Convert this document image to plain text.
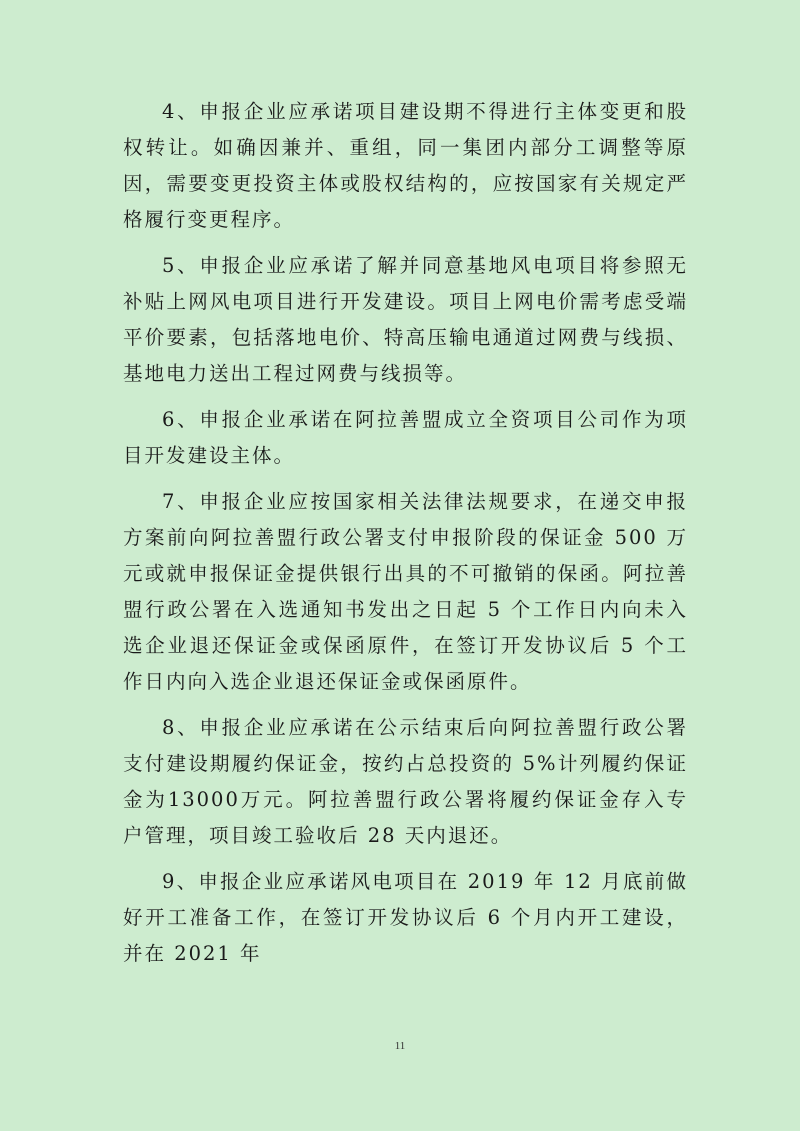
4、申报企业应承诺项目建设期不得进行主体变更和股权转让。如确因兼并、重组，同一集团内部分工调整等原因，需要变更投资主体或股权结构的，应按国家有关规定严格履行变更程序。

5、申报企业应承诺了解并同意基地风电项目将参照无补贴上网风电项目进行开发建设。项目上网电价需考虑受端平价要素，包括落地电价、特高压输电通道过网费与线损、基地电力送出工程过网费与线损等。

6、申报企业承诺在阿拉善盟成立全资项目公司作为项目开发建设主体。

7、申报企业应按国家相关法律法规要求，在递交申报方案前向阿拉善盟行政公署支付申报阶段的保证金 500 万元或就申报保证金提供银行出具的不可撤销的保函。阿拉善盟行政公署在入选通知书发出之日起 5 个工作日内向未入选企业退还保证金或保函原件，在签订开发协议后 5 个工作日内向入选企业退还保证金或保函原件。

8、申报企业应承诺在公示结束后向阿拉善盟行政公署支付建设期履约保证金，按约占总投资的 5%计列履约保证金为13000万元。阿拉善盟行政公署将履约保证金存入专户管理，项目竣工验收后 28 天内退还。

9、申报企业应承诺风电项目在 2019 年 12 月底前做好开工准备工作，在签订开发协议后 6 个月内开工建设，并在 2021 年

11
